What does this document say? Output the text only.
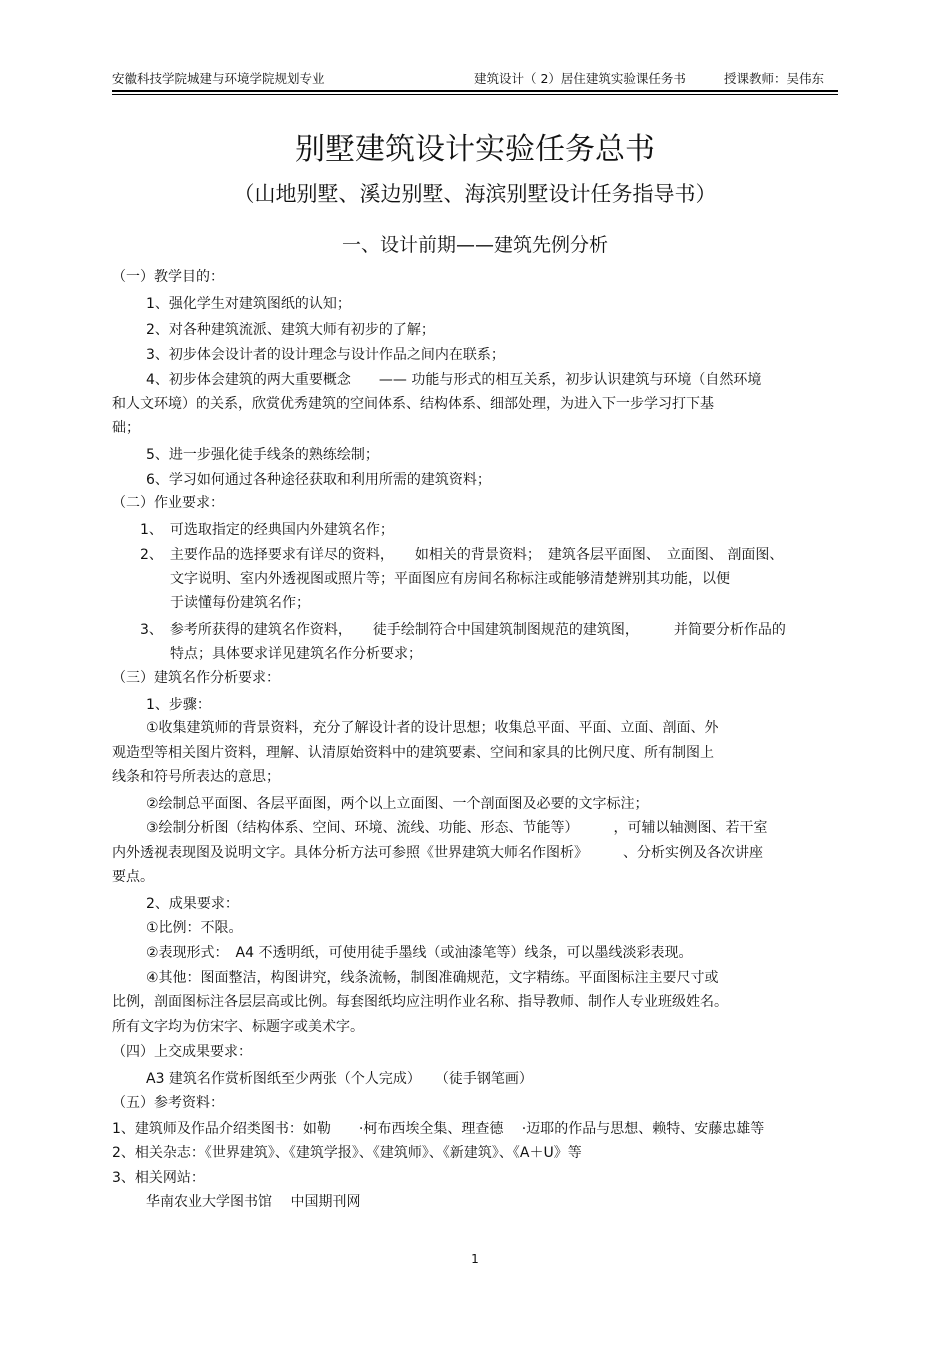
安徽科技学院城建与环境学院规划专业	建筑设计（ 2）居住建筑实验课任务书	授课教师：吴伟东
别墅建筑设计实验任务总书
（山地别墅、溪边别墅、海滨别墅设计任务指导书）
一、设计前期——建筑先例分析
（一）教学目的：
1、强化学生对建筑图纸的认知；
2、对各种建筑流派、建筑大师有初步的了解；
3、初步体会设计者的设计理念与设计作品之间内在联系；
4、初步体会建筑的两大重要概念　　—— 功能与形式的相互关系，初步认识建筑与环境（自然环境
和人文环境）的关系，欣赏优秀建筑的空间体系、结构体系、细部处理，为进入下一步学习打下基
础；
5、进一步强化徒手线条的熟练绘制；
6、学习如何通过各种途径获取和利用所需的建筑资料；
（二）作业要求：
1、　可选取指定的经典国内外建筑名作；
2、　主要作品的选择要求有详尽的资料，　　如相关的背景资料；　建筑各层平面图、　立面图、 剖面图、
文字说明、室内外透视图或照片等；平面图应有房间名称标注或能够清楚辨别其功能，以便
于读懂每份建筑名作；
3、　参考所获得的建筑名作资料，　　徒手绘制符合中国建筑制图规范的建筑图，　　　并简要分析作品的
特点；具体要求详见建筑名作分析要求；
（三）建筑名作分析要求：
1、步骤：
①收集建筑师的背景资料，充分了解设计者的设计思想；收集总平面、平面、立面、剖面、外
观造型等相关图片资料，理解、认清原始资料中的建筑要素、空间和家具的比例尺度、所有制图上
线条和符号所表达的意思；
②绘制总平面图、各层平面图，两个以上立面图、一个剖面图及必要的文字标注；
③绘制分析图（结构体系、空间、环境、流线、功能、形态、节能等）　　　，可辅以轴测图、若干室
内外透视表现图及说明文字。具体分析方法可参照《世界建筑大师名作图析》　　　、分析实例及各次讲座
要点。
2、成果要求：
①比例：不限。
②表现形式：　A4 不透明纸，可使用徒手墨线（或油漆笔等）线条，可以墨线淡彩表现。
④其他：图面整洁，构图讲究，线条流畅，制图准确规范，文字精练。平面图标注主要尺寸或
比例，剖面图标注各层层高或比例。每套图纸均应注明作业名称、指导教师、制作人专业班级姓名。
所有文字均为仿宋字、标题字或美术字。
（四）上交成果要求：
A3 建筑名作赏析图纸至少两张（个人完成）　　（徒手钢笔画）
（五）参考资料：
1、建筑师及作品介绍类图书：如勒　　·柯布西埃全集、理查德　 ·迈耶的作品与思想、赖特、安藤忠雄等
2、相关杂志：《世界建筑》、《建筑学报》、《建筑师》、《新建筑》、《A＋U》等
3、相关网站：
华南农业大学图书馆　 中国期刊网
1
